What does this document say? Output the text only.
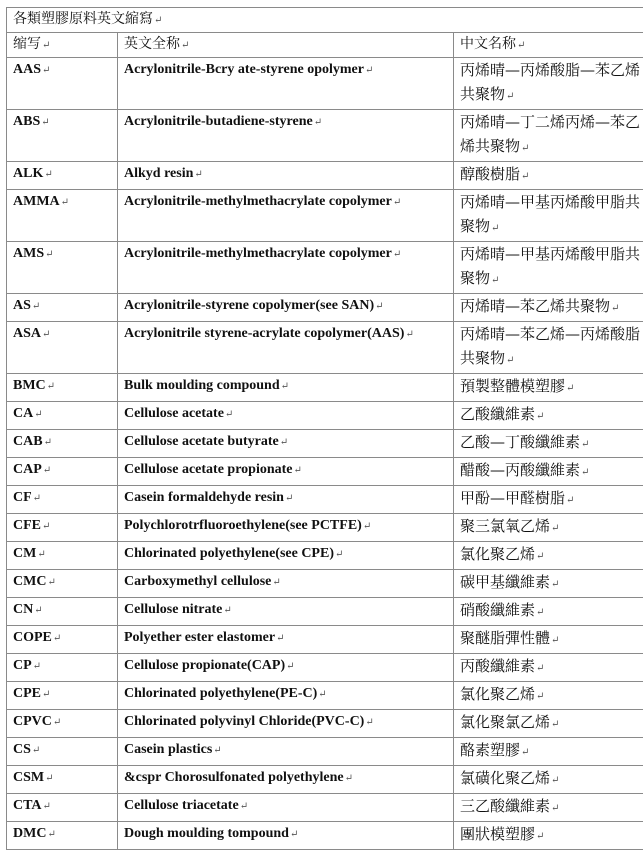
各類塑膠原料英文縮寫↵		
缩写↵	英文全称↵	中文名称↵
AAS↵	Acrylonitrile-Bcry ate-styrene opolymer↵	丙烯晴—丙烯酸脂—苯乙烯共聚物↵
ABS↵	Acrylonitrile-butadiene-styrene↵	丙烯晴—丁二烯丙烯—苯乙烯共聚物↵
ALK↵	Alkyd resin↵	醇酸樹脂↵
AMMA↵	Acrylonitrile-methylmethacrylate copolymer↵	丙烯晴—甲基丙烯酸甲脂共聚物↵
AMS↵	Acrylonitrile-methylmethacrylate copolymer↵	丙烯晴—甲基丙烯酸甲脂共聚物↵
AS↵	Acrylonitrile-styrene copolymer(see SAN)↵	丙烯晴—苯乙烯共聚物↵
ASA↵	Acrylonitrile styrene-acrylate copolymer(AAS)↵	丙烯晴—苯乙烯—丙烯酸脂共聚物↵
BMC↵	Bulk moulding compound↵	預製整體模塑膠↵
CA↵	Cellulose acetate↵	乙酸纖維素↵
CAB↵	Cellulose acetate butyrate↵	乙酸—丁酸纖維素↵
CAP↵	Cellulose acetate propionate↵	醋酸—丙酸纖維素↵
CF↵	Casein formaldehyde resin↵	甲酚—甲醛樹脂↵
CFE↵	Polychlorotrfluoroethylene(see PCTFE)↵	聚三氯氧乙烯↵
CM↵	Chlorinated polyethylene(see CPE)↵	氯化聚乙烯↵
CMC↵	Carboxymethyl cellulose↵	碳甲基纖維素↵
CN↵	Cellulose nitrate↵	硝酸纖維素↵
COPE↵	Polyether ester elastomer↵	聚醚脂彈性體↵
CP↵	Cellulose propionate(CAP)↵	丙酸纖維素↵
CPE↵	Chlorinated polyethylene(PE-C)↵	氯化聚乙烯↵
CPVC↵	Chlorinated polyvinyl Chloride(PVC-C)↵	氯化聚氯乙烯↵
CS↵	Casein plastics↵	酪素塑膠↵
CSM↵	&cspr Chorosulfonated polyethylene↵	氯磺化聚乙烯↵
CTA↵	Cellulose triacetate↵	三乙酸纖維素↵
DMC↵	Dough moulding tompound↵	團狀模塑膠↵
